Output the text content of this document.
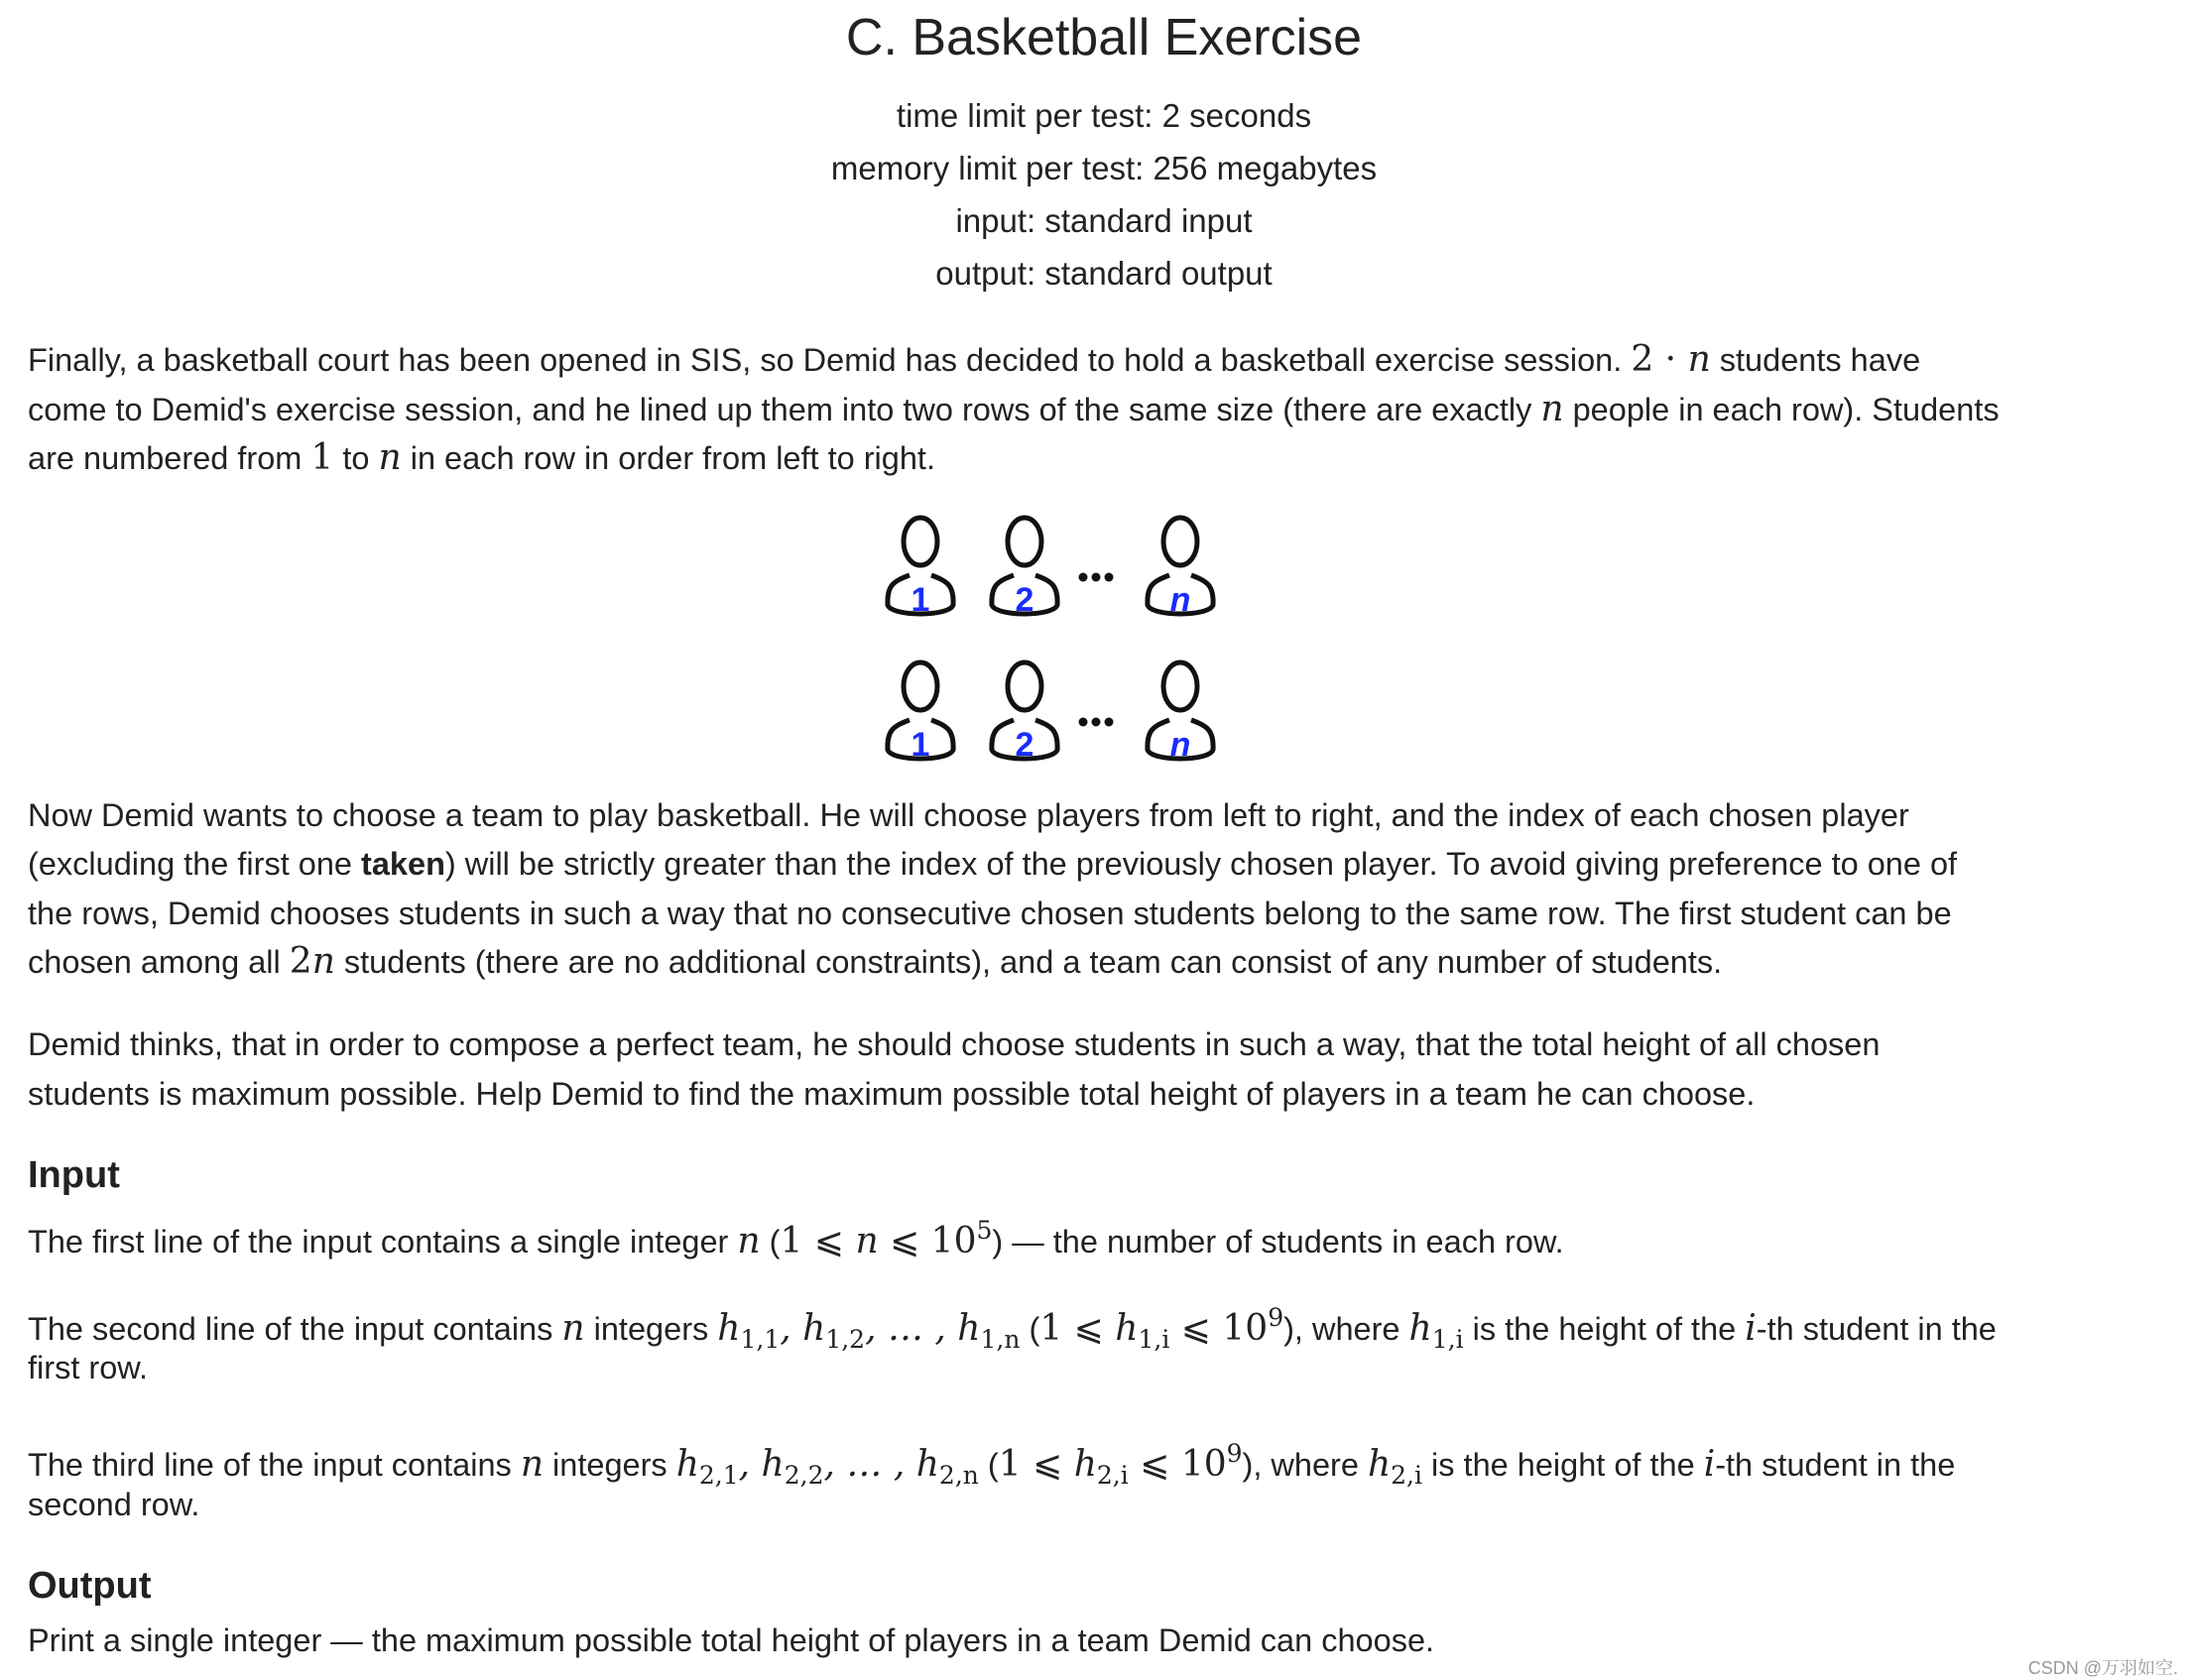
C. Basketball Exercise
time limit per test: 2 seconds
memory limit per test: 256 megabytes
input: standard input
output: standard output
Finally, a basketball court has been opened in SIS, so Demid has decided to hold a basketball exercise session. 2 · n students have
come to Demid's exercise session, and he lined up them into two rows of the same size (there are exactly n people in each row). Students
are numbered from 1 to n in each row in order from left to right.
1	2	n
1	2	n
Now Demid wants to choose a team to play basketball. He will choose players from left to right, and the index of each chosen player
(excluding the first one taken) will be strictly greater than the index of the previously chosen player. To avoid giving preference to one of
the rows, Demid chooses students in such a way that no consecutive chosen students belong to the same row. The first student can be
chosen among all 2n students (there are no additional constraints), and a team can consist of any number of students.
Demid thinks, that in order to compose a perfect team, he should choose students in such a way, that the total height of all chosen
students is maximum possible. Help Demid to find the maximum possible total height of players in a team he can choose.
Input
The first line of the input contains a single integer n (1 ⩽ n ⩽ $10^5$) — the number of students in each row.
The second line of the input contains n integers $h_{1,1}$, $h_{1,2}$, … , $h_{1,n}$ (1 ⩽ $h_{1,i}$ ⩽ $10^9$), where $h_{1,i}$ is the height of the i-th student in the
first row.
The third line of the input contains n integers $h_{2,1}$, $h_{2,2}$, … , $h_{2,n}$ (1 ⩽ $h_{2,i}$ ⩽ $10^9$), where $h_{2,i}$ is the height of the i-th student in the
second row.
Output
Print a single integer — the maximum possible total height of players in a team Demid can choose.
CSDN @万羽如空.
